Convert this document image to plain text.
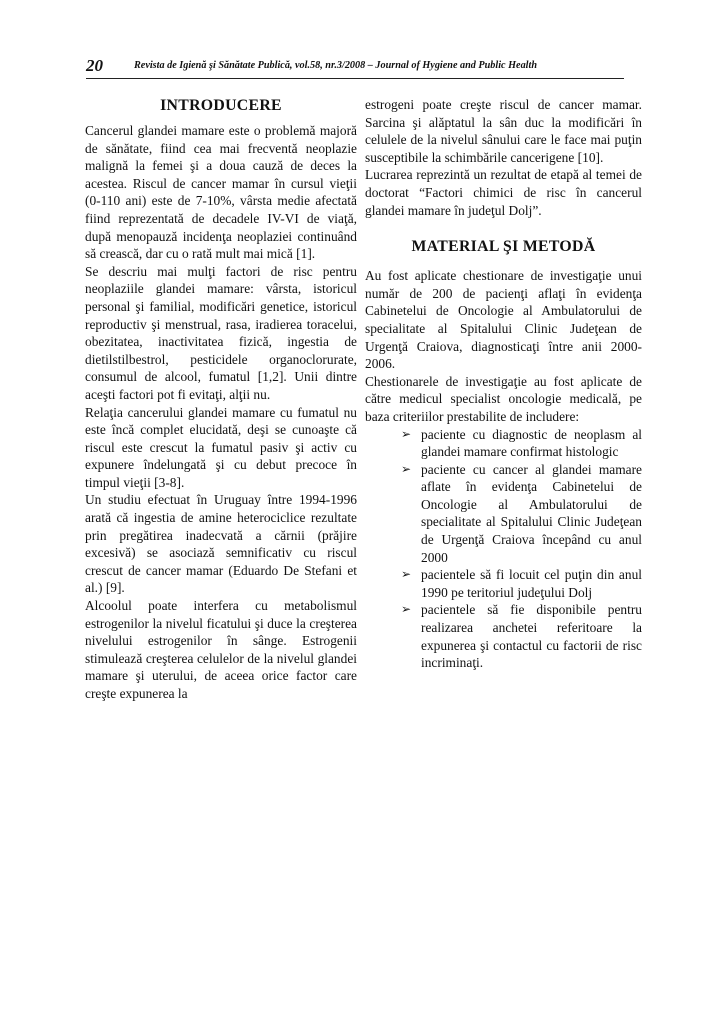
20	Revista de Igienă şi Sănătate Publică, vol.58, nr.3/2008 – Journal of Hygiene and Public Health
INTRODUCERE

Cancerul glandei mamare este o problemă majoră de sănătate, fiind cea mai frecventă neoplazie malignă la femei şi a doua cauză de deces la acestea. Riscul de cancer mamar în cursul vieţii (0-110 ani) este de 7-10%, vârsta medie afectată fiind reprezentată de decadele IV-VI de viaţă, după menopauză incidenţa neoplaziei continuând să crească, dar cu o rată mult mai mică [1].

Se descriu mai mulţi factori de risc pentru neoplaziile glandei mamare: vârsta, istoricul personal şi familial, modificări genetice, istoricul reproductiv şi menstrual, rasa, iradierea toracelui, obezitatea, inactivitatea fizică, ingestia de dietilstilbestrol, pesticidele organoclorurate, consumul de alcool, fumatul [1,2]. Unii dintre aceşti factori pot fi evitaţi, alţii nu.

Relaţia cancerului glandei mamare cu fumatul nu este încă complet elucidată, deşi se cunoaşte că riscul este crescut la fumatul pasiv şi activ cu expunere îndelungată şi cu debut precoce în timpul vieţii [3-8].

Un studiu efectuat în Uruguay între 1994-1996 arată că ingestia de amine heterociclice rezultate prin pregătirea inadecvată a cărnii (prăjire excesivă) se asociază semnificativ cu riscul crescut de cancer mamar (Eduardo De Stefani et al.) [9].

Alcoolul poate interfera cu metabolismul estrogenilor la nivelul ficatului şi duce la creşterea nivelului estrogenilor în sânge. Estrogenii stimulează creşterea celulelor de la nivelul glandei mamare şi uterului, de aceea orice factor care creşte expunerea la

estrogeni poate creşte riscul de cancer mamar. Sarcina şi alăptatul la sân duc la modificări în celulele de la nivelul sânului care le face mai puţin susceptibile la schimbările cancerigene [10].

Lucrarea reprezintă un rezultat de etapă al temei de doctorat “Factori chimici de risc în cancerul glandei mamare în judeţul Dolj”.

MATERIAL ŞI METODĂ

Au fost aplicate chestionare de investigaţie unui număr de 200 de pacienţi aflaţi în evidenţa Cabinetelui de Oncologie al Ambulatorului de specialitate al Spitalului Clinic Judeţean de Urgenţă Craiova, diagnosticaţi între anii 2000-2006.

Chestionarele de investigaţie au fost aplicate de către medicul specialist oncologie medicală, pe baza criteriilor prestabilite de includere:

➢ paciente cu diagnostic de neoplasm al glandei mamare confirmat histologic
➢ paciente cu cancer al glandei mamare aflate în evidenţa Cabinetelui de Oncologie al Ambulatorului de specialitate al Spitalului Clinic Judeţean de Urgenţă Craiova începând cu anul 2000
➢ pacientele să fi locuit cel puţin din anul 1990 pe teritoriul judeţului Dolj
➢ pacientele să fie disponibile pentru realizarea anchetei referitoare la expunerea şi contactul cu factorii de risc incriminaţi.
